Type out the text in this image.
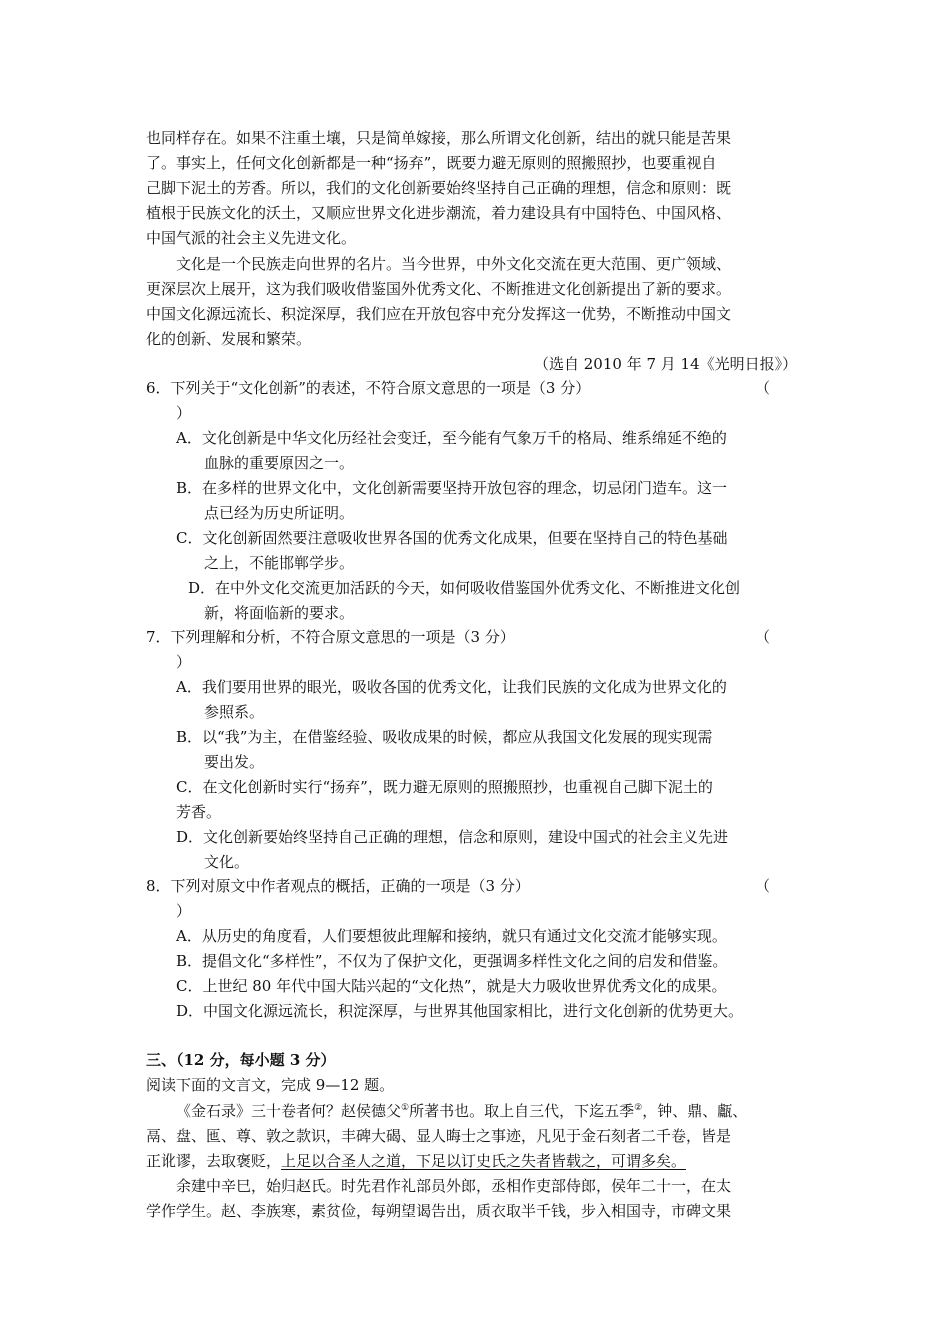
也同样存在。如果不注重土壤，只是简单嫁接，那么所谓文化创新，结出的就只能是苦果
了。事实上，任何文化创新都是一种“扬弃”，既要力避无原则的照搬照抄，也要重视自
己脚下泥土的芳香。所以，我们的文化创新要始终坚持自己正确的理想，信念和原则：既
植根于民族文化的沃土，又顺应世界文化进步潮流，着力建设具有中国特色、中国风格、
中国气派的社会主义先进文化。
文化是一个民族走向世界的名片。当今世界，中外文化交流在更大范围、更广领域、
更深层次上展开，这为我们吸收借鉴国外优秀文化、不断推进文化创新提出了新的要求。
中国文化源远流长、积淀深厚，我们应在开放包容中充分发挥这一优势，不断推动中国文
化的创新、发展和繁荣。
（选自 2010 年 7 月 14《光明日报》）
6．下列关于“文化创新”的表述，不符合原文意思的一项是（3 分）	（
）
A．文化创新是中华文化历经社会变迁，至今能有气象万千的格局、维系绵延不绝的
血脉的重要原因之一。
B．在多样的世界文化中，文化创新需要坚持开放包容的理念，切忌闭门造车。这一
点已经为历史所证明。
C．文化创新固然要注意吸收世界各国的优秀文化成果，但要在坚持自己的特色基础
之上，不能邯郸学步。
D．在中外文化交流更加活跃的今天，如何吸收借鉴国外优秀文化、不断推进文化创
新，将面临新的要求。
7．下列理解和分析，不符合原文意思的一项是（3 分）	（
）
A．我们要用世界的眼光，吸收各国的优秀文化，让我们民族的文化成为世界文化的
参照系。
B．以“我”为主，在借鉴经验、吸收成果的时候，都应从我国文化发展的现实现需
要出发。
C．在文化创新时实行“扬弃”，既力避无原则的照搬照抄，也重视自己脚下泥土的
芳香。
D．文化创新要始终坚持自己正确的理想，信念和原则，建设中国式的社会主义先进
文化。
8．下列对原文中作者观点的概括，正确的一项是（3 分）	（
）
A．从历史的角度看，人们要想彼此理解和接纳，就只有通过文化交流才能够实现。
B．提倡文化“多样性”，不仅为了保护文化，更强调多样性文化之间的启发和借鉴。
C．上世纪 80 年代中国大陆兴起的“文化热”，就是大力吸收世界优秀文化的成果。
D．中国文化源远流长，积淀深厚，与世界其他国家相比，进行文化创新的优势更大。
三、（12 分，每小题 3 分）
阅读下面的文言文，完成 9—12 题。
《金石录》三十卷者何？赵侯德父①所著书也。取上自三代，下迄五季②，钟、鼎、甗、
鬲、盘、匜、尊、敦之款识，丰碑大碣、显人晦士之事迹，凡见于金石刻者二千卷，皆是
正讹谬，去取褒贬，上足以合圣人之道，下足以订史氏之失者皆载之，可谓多矣。
余建中辛巳，始归赵氏。时先君作礼部员外郎，丞相作吏部侍郎，侯年二十一，在太
学作学生。赵、李族寒，素贫俭，每朔望谒告出，质衣取半千钱，步入相国寺，市碑文果
